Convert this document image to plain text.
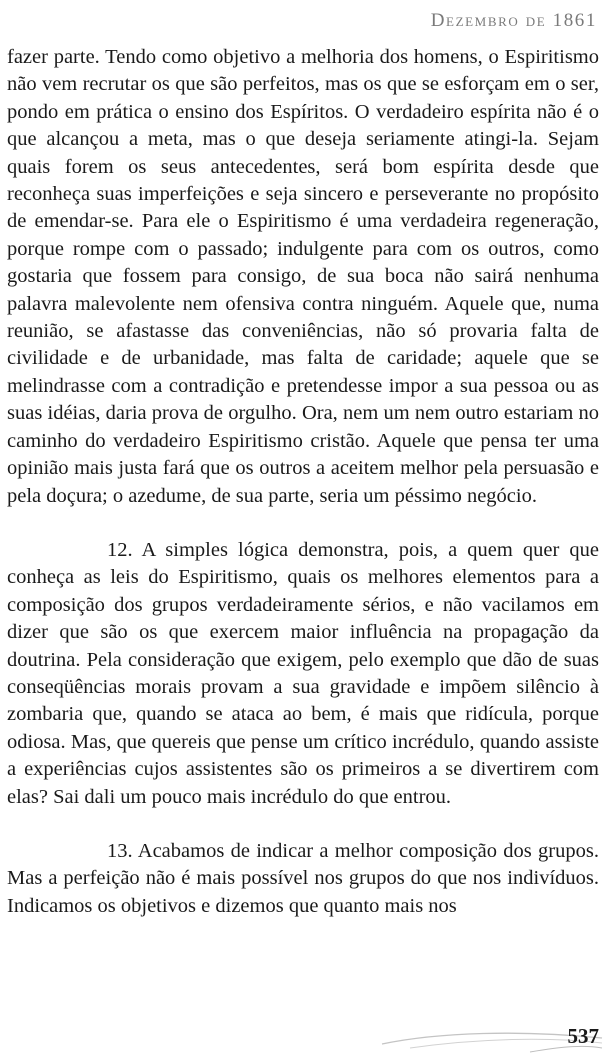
Dezembro de 1861

fazer parte. Tendo como objetivo a melhoria dos homens, o Espiritismo não vem recrutar os que são perfeitos, mas os que se esforçam em o ser, pondo em prática o ensino dos Espíritos. O verdadeiro espírita não é o que alcançou a meta, mas o que deseja seriamente atingi-la. Sejam quais forem os seus antecedentes, será bom espírita desde que reconheça suas imperfeições e seja sincero e perseverante no propósito de emendar-se. Para ele o Espiritismo é uma verdadeira regeneração, porque rompe com o passado; indulgente para com os outros, como gostaria que fossem para consigo, de sua boca não sairá nenhuma palavra malevolente nem ofensiva contra ninguém. Aquele que, numa reunião, se afastasse das conveniências, não só provaria falta de civilidade e de urbanidade, mas falta de caridade; aquele que se melindrasse com a contradição e pretendesse impor a sua pessoa ou as suas idéias, daria prova de orgulho. Ora, nem um nem outro estariam no caminho do verdadeiro Espiritismo cristão. Aquele que pensa ter uma opinião mais justa fará que os outros a aceitem melhor pela persuasão e pela doçura; o azedume, de sua parte, seria um péssimo negócio.

12. A simples lógica demonstra, pois, a quem quer que conheça as leis do Espiritismo, quais os melhores elementos para a composição dos grupos verdadeiramente sérios, e não vacilamos em dizer que são os que exercem maior influência na propagação da doutrina. Pela consideração que exigem, pelo exemplo que dão de suas conseqüências morais provam a sua gravidade e impõem silêncio à zombaria que, quando se ataca ao bem, é mais que ridícula, porque odiosa. Mas, que quereis que pense um crítico incrédulo, quando assiste a experiências cujos assistentes são os primeiros a se divertirem com elas? Sai dali um pouco mais incrédulo do que entrou.

13. Acabamos de indicar a melhor composição dos grupos. Mas a perfeição não é mais possível nos grupos do que nos indivíduos. Indicamos os objetivos e dizemos que quanto mais nos

537
